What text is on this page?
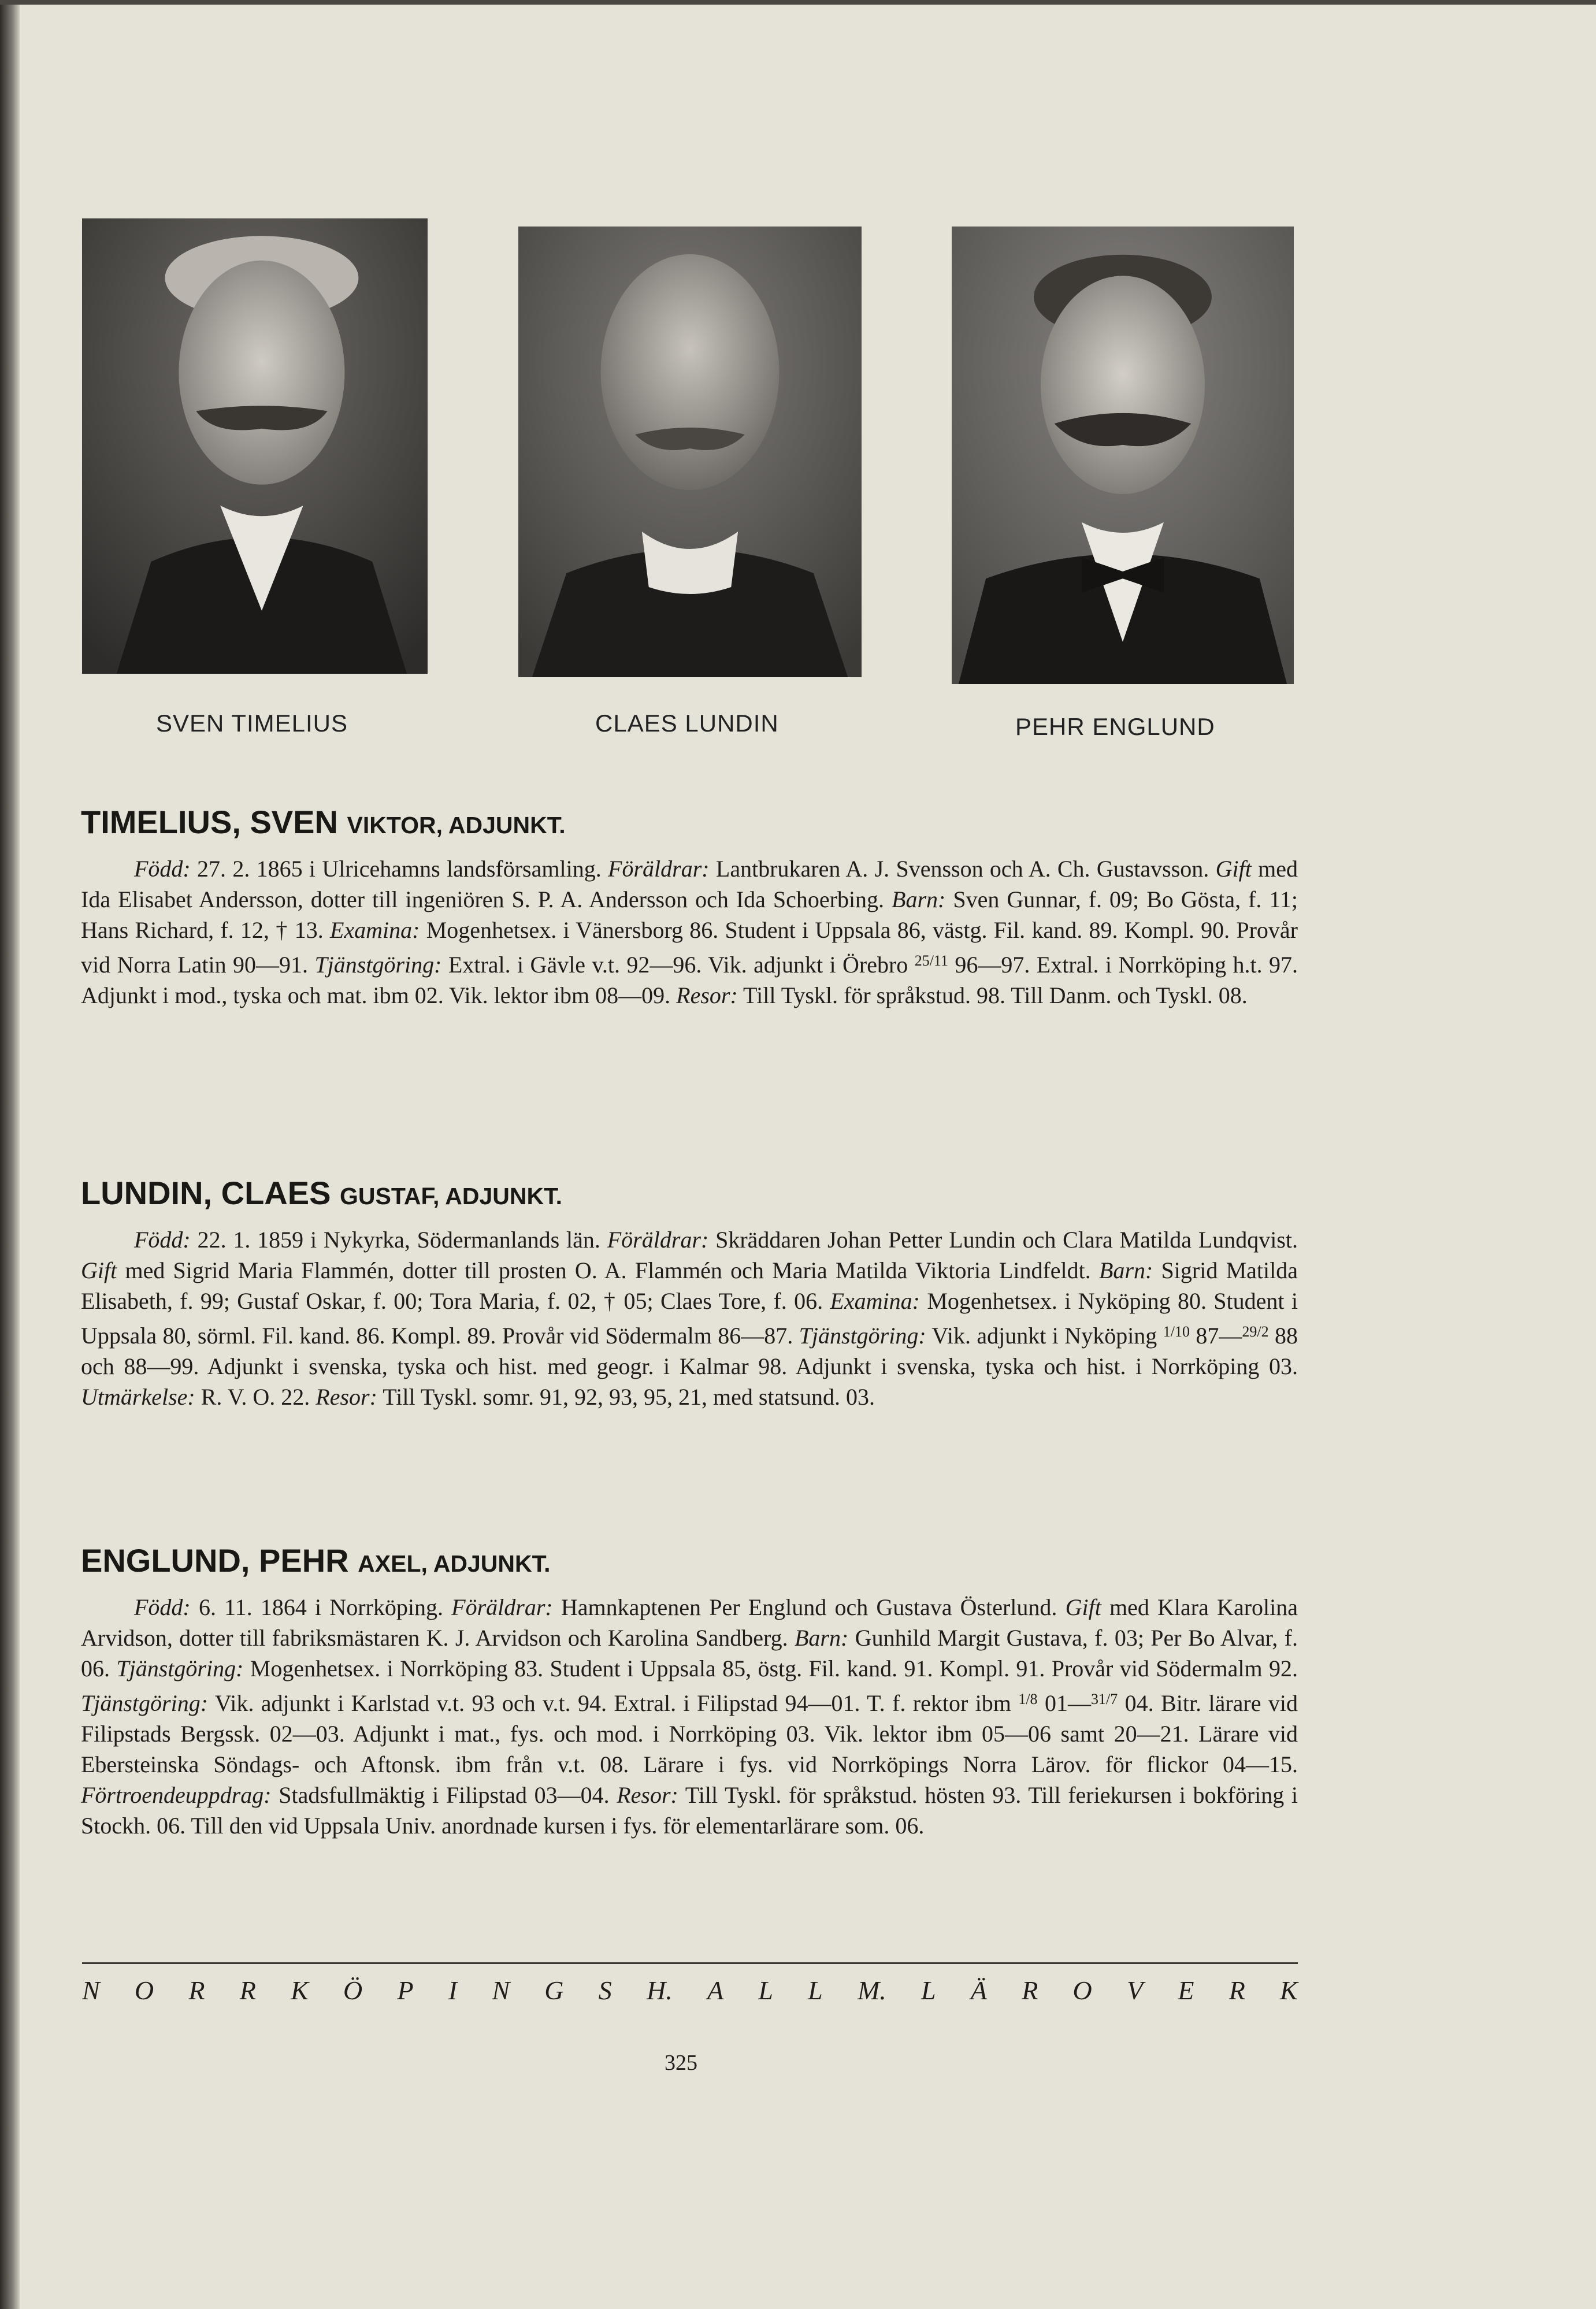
SVEN TIMELIUS	CLAES LUNDIN	PEHR ENGLUND
TIMELIUS, SVEN VIKTOR, ADJUNKT.

Född: 27. 2. 1865 i Ulricehamns landsförsamling. Föräldrar: Lantbrukaren A. J. Svensson och A. Ch. Gustavsson. Gift med Ida Elisabet Andersson, dotter till ingeniören S. P. A. Andersson och Ida Schoerbing. Barn: Sven Gunnar, f. 09; Bo Gösta, f. 11; Hans Richard, f. 12, † 13. Examina: Mogenhetsex. i Vänersborg 86. Student i Uppsala 86, västg. Fil. kand. 89. Kompl. 90. Provår vid Norra Latin 90—91. Tjänstgöring: Extral. i Gävle v.t. 92—96. Vik. adjunkt i Örebro $^{25/11}$ 96—97. Extral. i Norrköping h.t. 97. Adjunkt i mod., tyska och mat. ibm 02. Vik. lektor ibm 08—09. Resor: Till Tyskl. för språkstud. 98. Till Danm. och Tyskl. 08.

LUNDIN, CLAES GUSTAF, ADJUNKT.

Född: 22. 1. 1859 i Nykyrka, Södermanlands län. Föräldrar: Skräddaren Johan Petter Lundin och Clara Matilda Lundqvist. Gift med Sigrid Maria Flammén, dotter till prosten O. A. Flammén och Maria Matilda Viktoria Lindfeldt. Barn: Sigrid Matilda Elisabeth, f. 99; Gustaf Oskar, f. 00; Tora Maria, f. 02, † 05; Claes Tore, f. 06. Examina: Mogenhetsex. i Nyköping 80. Student i Uppsala 80, sörml. Fil. kand. 86. Kompl. 89. Provår vid Södermalm 86—87. Tjänstgöring: Vik. adjunkt i Nyköping $^{1/10}$ 87—$^{29/2}$ 88 och 88—99. Adjunkt i svenska, tyska och hist. med geogr. i Kalmar 98. Adjunkt i svenska, tyska och hist. i Norrköping 03. Utmärkelse: R. V. O. 22. Resor: Till Tyskl. somr. 91, 92, 93, 95, 21, med statsund. 03.

ENGLUND, PEHR AXEL, ADJUNKT.

Född: 6. 11. 1864 i Norrköping. Föräldrar: Hamnkaptenen Per Englund och Gustava Österlund. Gift med Klara Karolina Arvidson, dotter till fabriksmästaren K. J. Arvidson och Karolina Sandberg. Barn: Gunhild Margit Gustava, f. 03; Per Bo Alvar, f. 06. Tjänstgöring: Mogenhetsex. i Norrköping 83. Student i Uppsala 85, östg. Fil. kand. 91. Kompl. 91. Provår vid Södermalm 92. Tjänstgöring: Vik. adjunkt i Karlstad v.t. 93 och v.t. 94. Extral. i Filipstad 94—01. T. f. rektor ibm $^{1/8}$ 01—$^{31/7}$ 04. Bitr. lärare vid Filipstads Bergssk. 02—03. Adjunkt i mat., fys. och mod. i Norrköping 03. Vik. lektor ibm 05—06 samt 20—21. Lärare vid Ebersteinska Söndags- och Aftonsk. ibm från v.t. 08. Lärare i fys. vid Norrköpings Norra Lärov. för flickor 04—15. Förtroendeuppdrag: Stadsfullmäktig i Filipstad 03—04. Resor: Till Tyskl. för språkstud. hösten 93. Till feriekursen i bokföring i Stockh. 06. Till den vid Uppsala Univ. anordnade kursen i fys. för elementarlärare som. 06.

N O R R K Ö P I N G S H. A L L M. L Ä R O V E R K
325
